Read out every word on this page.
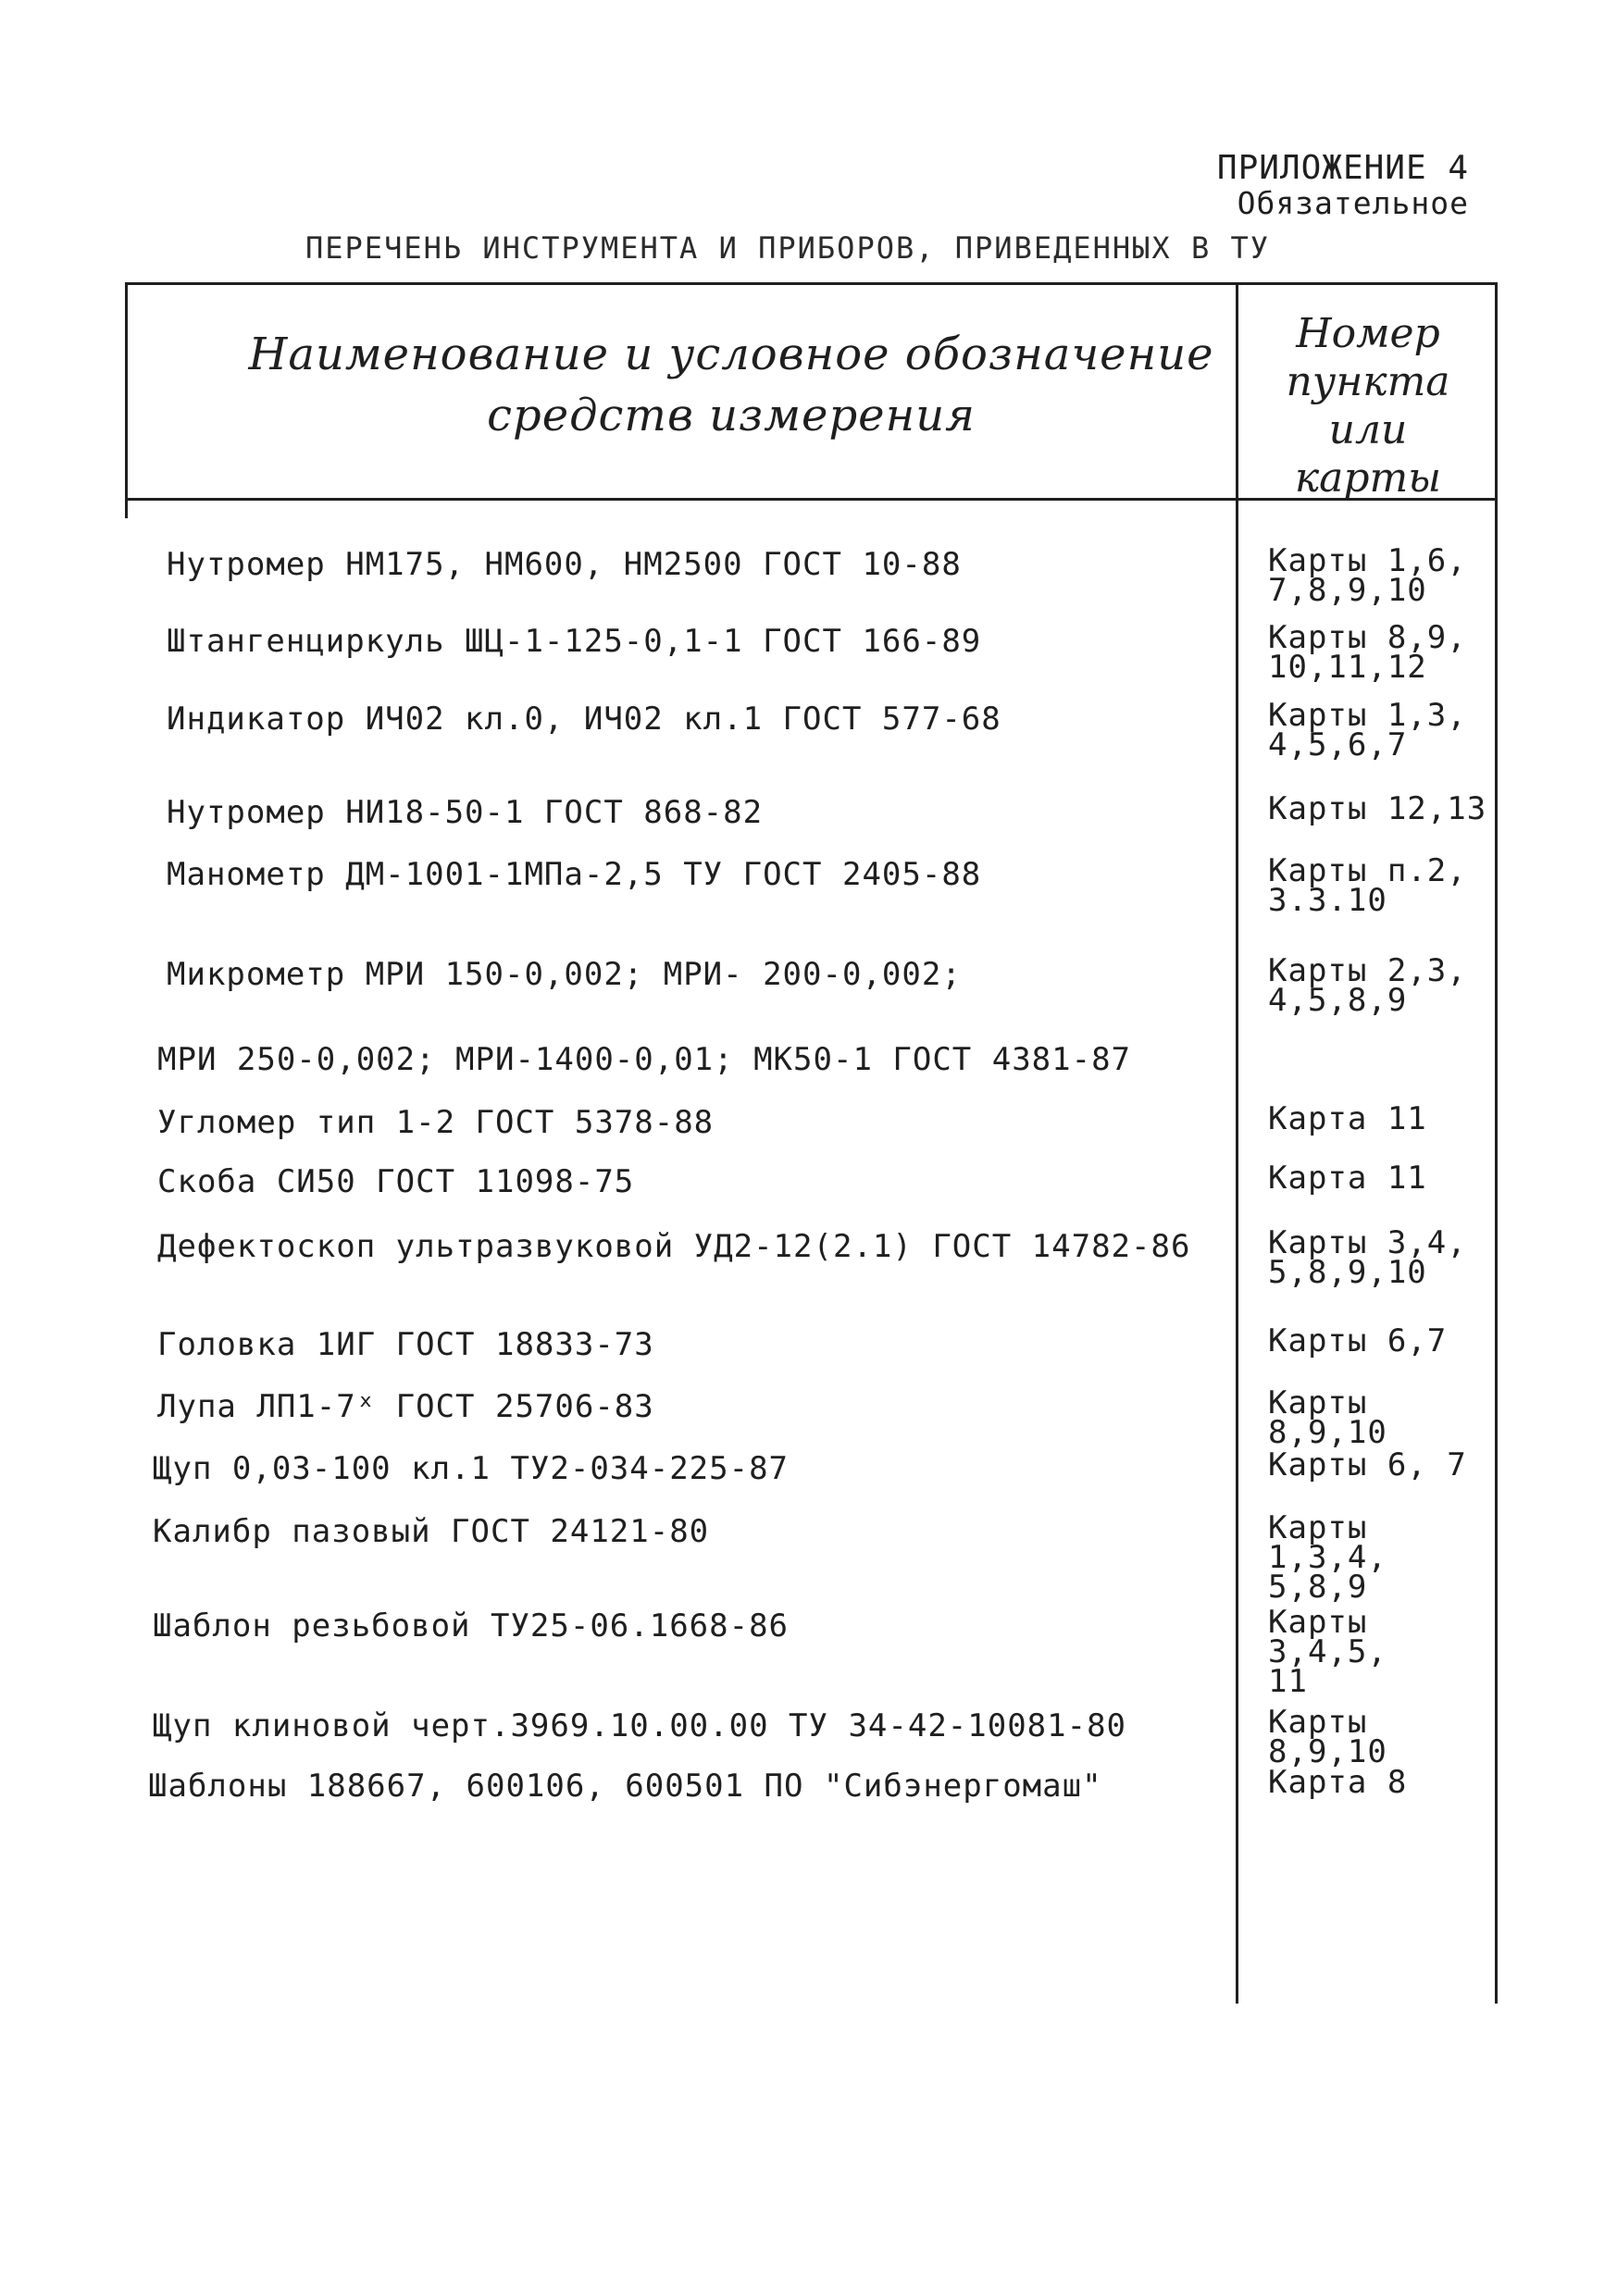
ПРИЛОЖЕНИЕ 4
Обязательное
ПЕРЕЧЕНЬ ИНСТРУМЕНТА И ПРИБОРОВ, ПРИВЕДЕННЫХ В ТУ
Наименование и условное обозначение
средств измерения
Номер
пункта
или
карты
Нутромер НМ175, НМ600, НМ2500 ГОСТ 10-88	Карты 1,6,
7,8,9,10
Штангенциркуль ШЦ-1-125-0,1-1 ГОСТ 166-89	Карты 8,9,
10,11,12
Индикатор ИЧ02 кл.0, ИЧ02 кл.1 ГОСТ 577-68	Карты 1,3,
4,5,6,7
Нутромер НИ18-50-1 ГОСТ 868-82	Карты 12,13
Манометр ДМ-1001-1МПа-2,5 ТУ ГОСТ 2405-88	Карты п.2,
3.3.10
Микрометр МРИ 150-0,002; МРИ- 200-0,002;	Карты 2,3,
4,5,8,9
МРИ 250-0,002; МРИ-1400-0,01; МК50-1 ГОСТ 4381-87
Угломер тип 1-2 ГОСТ 5378-88	Карта 11
Скоба СИ50 ГОСТ 11098-75	Карта 11
Дефектоскоп ультразвуковой УД2-12(2.1) ГОСТ 14782-86 Карты 3,4,
5,8,9,10
Головка 1ИГ ГОСТ 18833-73	Карты 6,7
Лупа ЛП1-7ˣ ГОСТ 25706-83	Карты 8,9,10
Щуп 0,03-100 кл.1 ТУ2-034-225-87	Карты 6, 7
Калибр пазовый ГОСТ 24121-80	Карты 1,3,4,
5,8,9
Шаблон резьбовой ТУ25-06.1668-86	Карты 3,4,5,
11
Щуп клиновой черт.3969.10.00.00 ТУ 34-42-10081-80	Карты 8,9,10
Шаблоны 188667, 600106, 600501 ПО "Сибэнергомаш"	Карта 8
